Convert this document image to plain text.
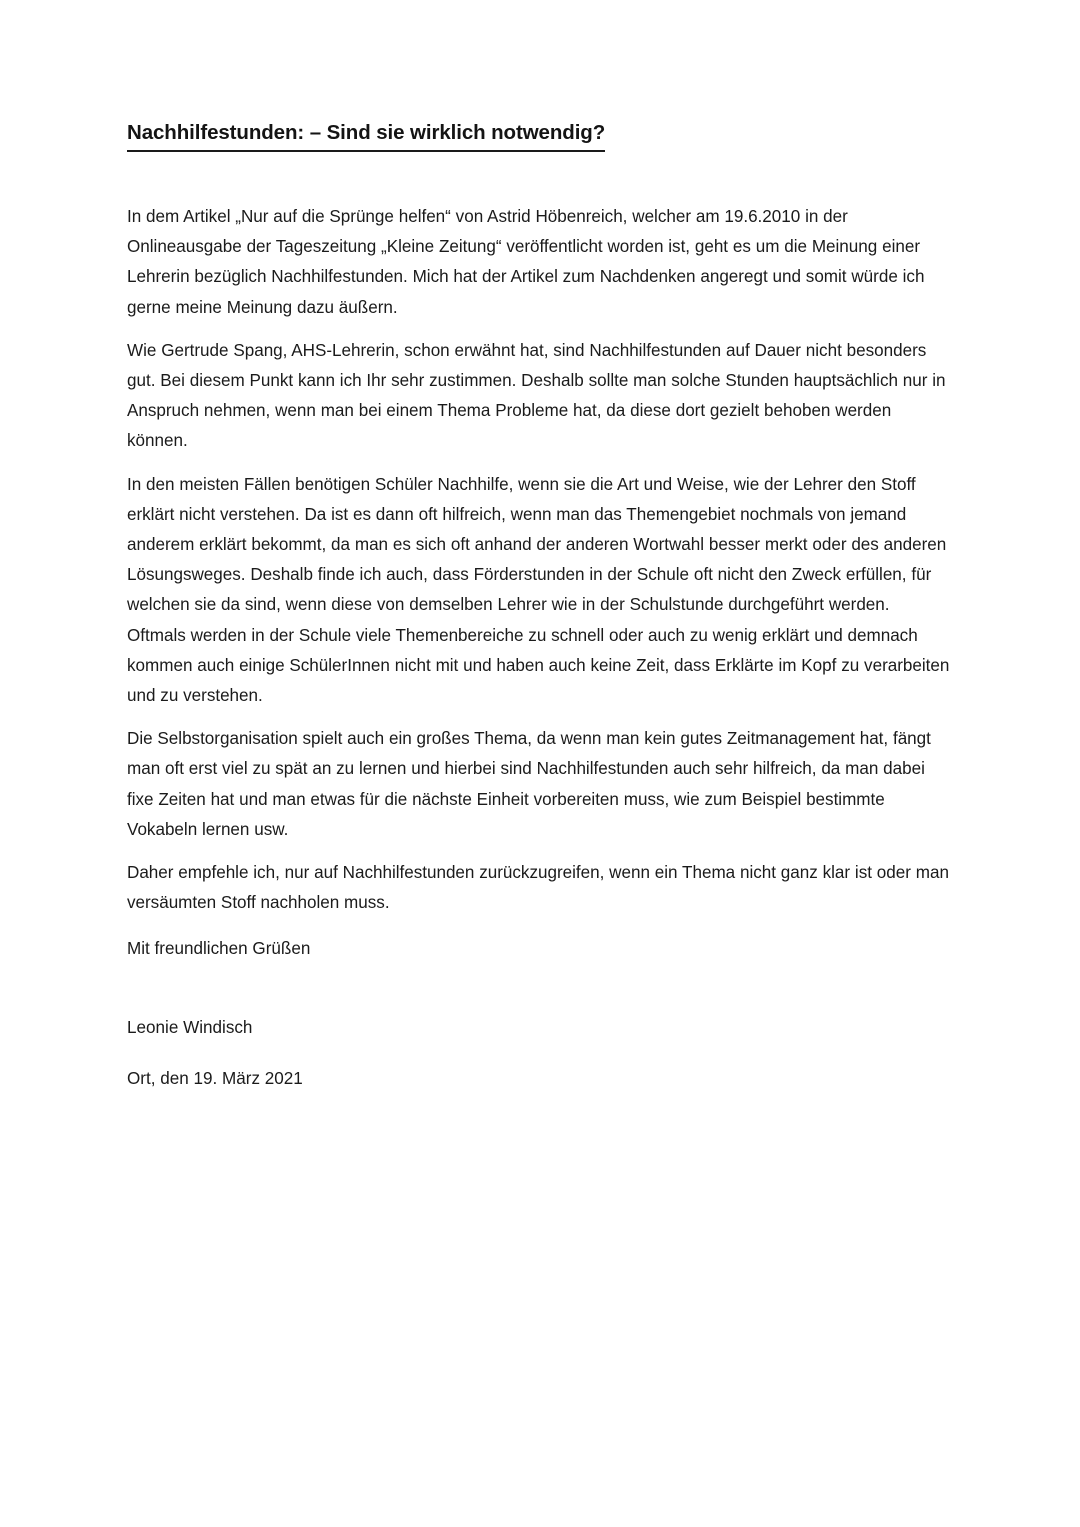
Nachhilfestunden: – Sind sie wirklich notwendig?

In dem Artikel „Nur auf die Sprünge helfen“ von Astrid Höbenreich, welcher am 19.6.2010 in der Onlineausgabe der Tageszeitung „Kleine Zeitung“ veröffentlicht worden ist, geht es um die Meinung einer Lehrerin bezüglich Nachhilfestunden. Mich hat der Artikel zum Nachdenken angeregt und somit würde ich gerne meine Meinung dazu äußern.

Wie Gertrude Spang, AHS-Lehrerin, schon erwähnt hat, sind Nachhilfestunden auf Dauer nicht besonders gut. Bei diesem Punkt kann ich Ihr sehr zustimmen. Deshalb sollte man solche Stunden hauptsächlich nur in Anspruch nehmen, wenn man bei einem Thema Probleme hat, da diese dort gezielt behoben werden können.

In den meisten Fällen benötigen Schüler Nachhilfe, wenn sie die Art und Weise, wie der Lehrer den Stoff erklärt nicht verstehen. Da ist es dann oft hilfreich, wenn man das Themengebiet nochmals von jemand anderem erklärt bekommt, da man es sich oft anhand der anderen Wortwahl besser merkt oder des anderen Lösungsweges. Deshalb finde ich auch, dass Förderstunden in der Schule oft nicht den Zweck erfüllen, für welchen sie da sind, wenn diese von demselben Lehrer wie in der Schulstunde durchgeführt werden. Oftmals werden in der Schule viele Themenbereiche zu schnell oder auch zu wenig erklärt und demnach kommen auch einige SchülerInnen nicht mit und haben auch keine Zeit, dass Erklärte im Kopf zu verarbeiten und zu verstehen.

Die Selbstorganisation spielt auch ein großes Thema, da wenn man kein gutes Zeitmanagement hat, fängt man oft erst viel zu spät an zu lernen und hierbei sind Nachhilfestunden auch sehr hilfreich, da man dabei fixe Zeiten hat und man etwas für die nächste Einheit vorbereiten muss, wie zum Beispiel bestimmte Vokabeln lernen usw.

Daher empfehle ich, nur auf Nachhilfestunden zurückzugreifen, wenn ein Thema nicht ganz klar ist oder man versäumten Stoff nachholen muss.

Mit freundlichen Grüßen

Leonie Windisch

Ort, den 19. März 2021
